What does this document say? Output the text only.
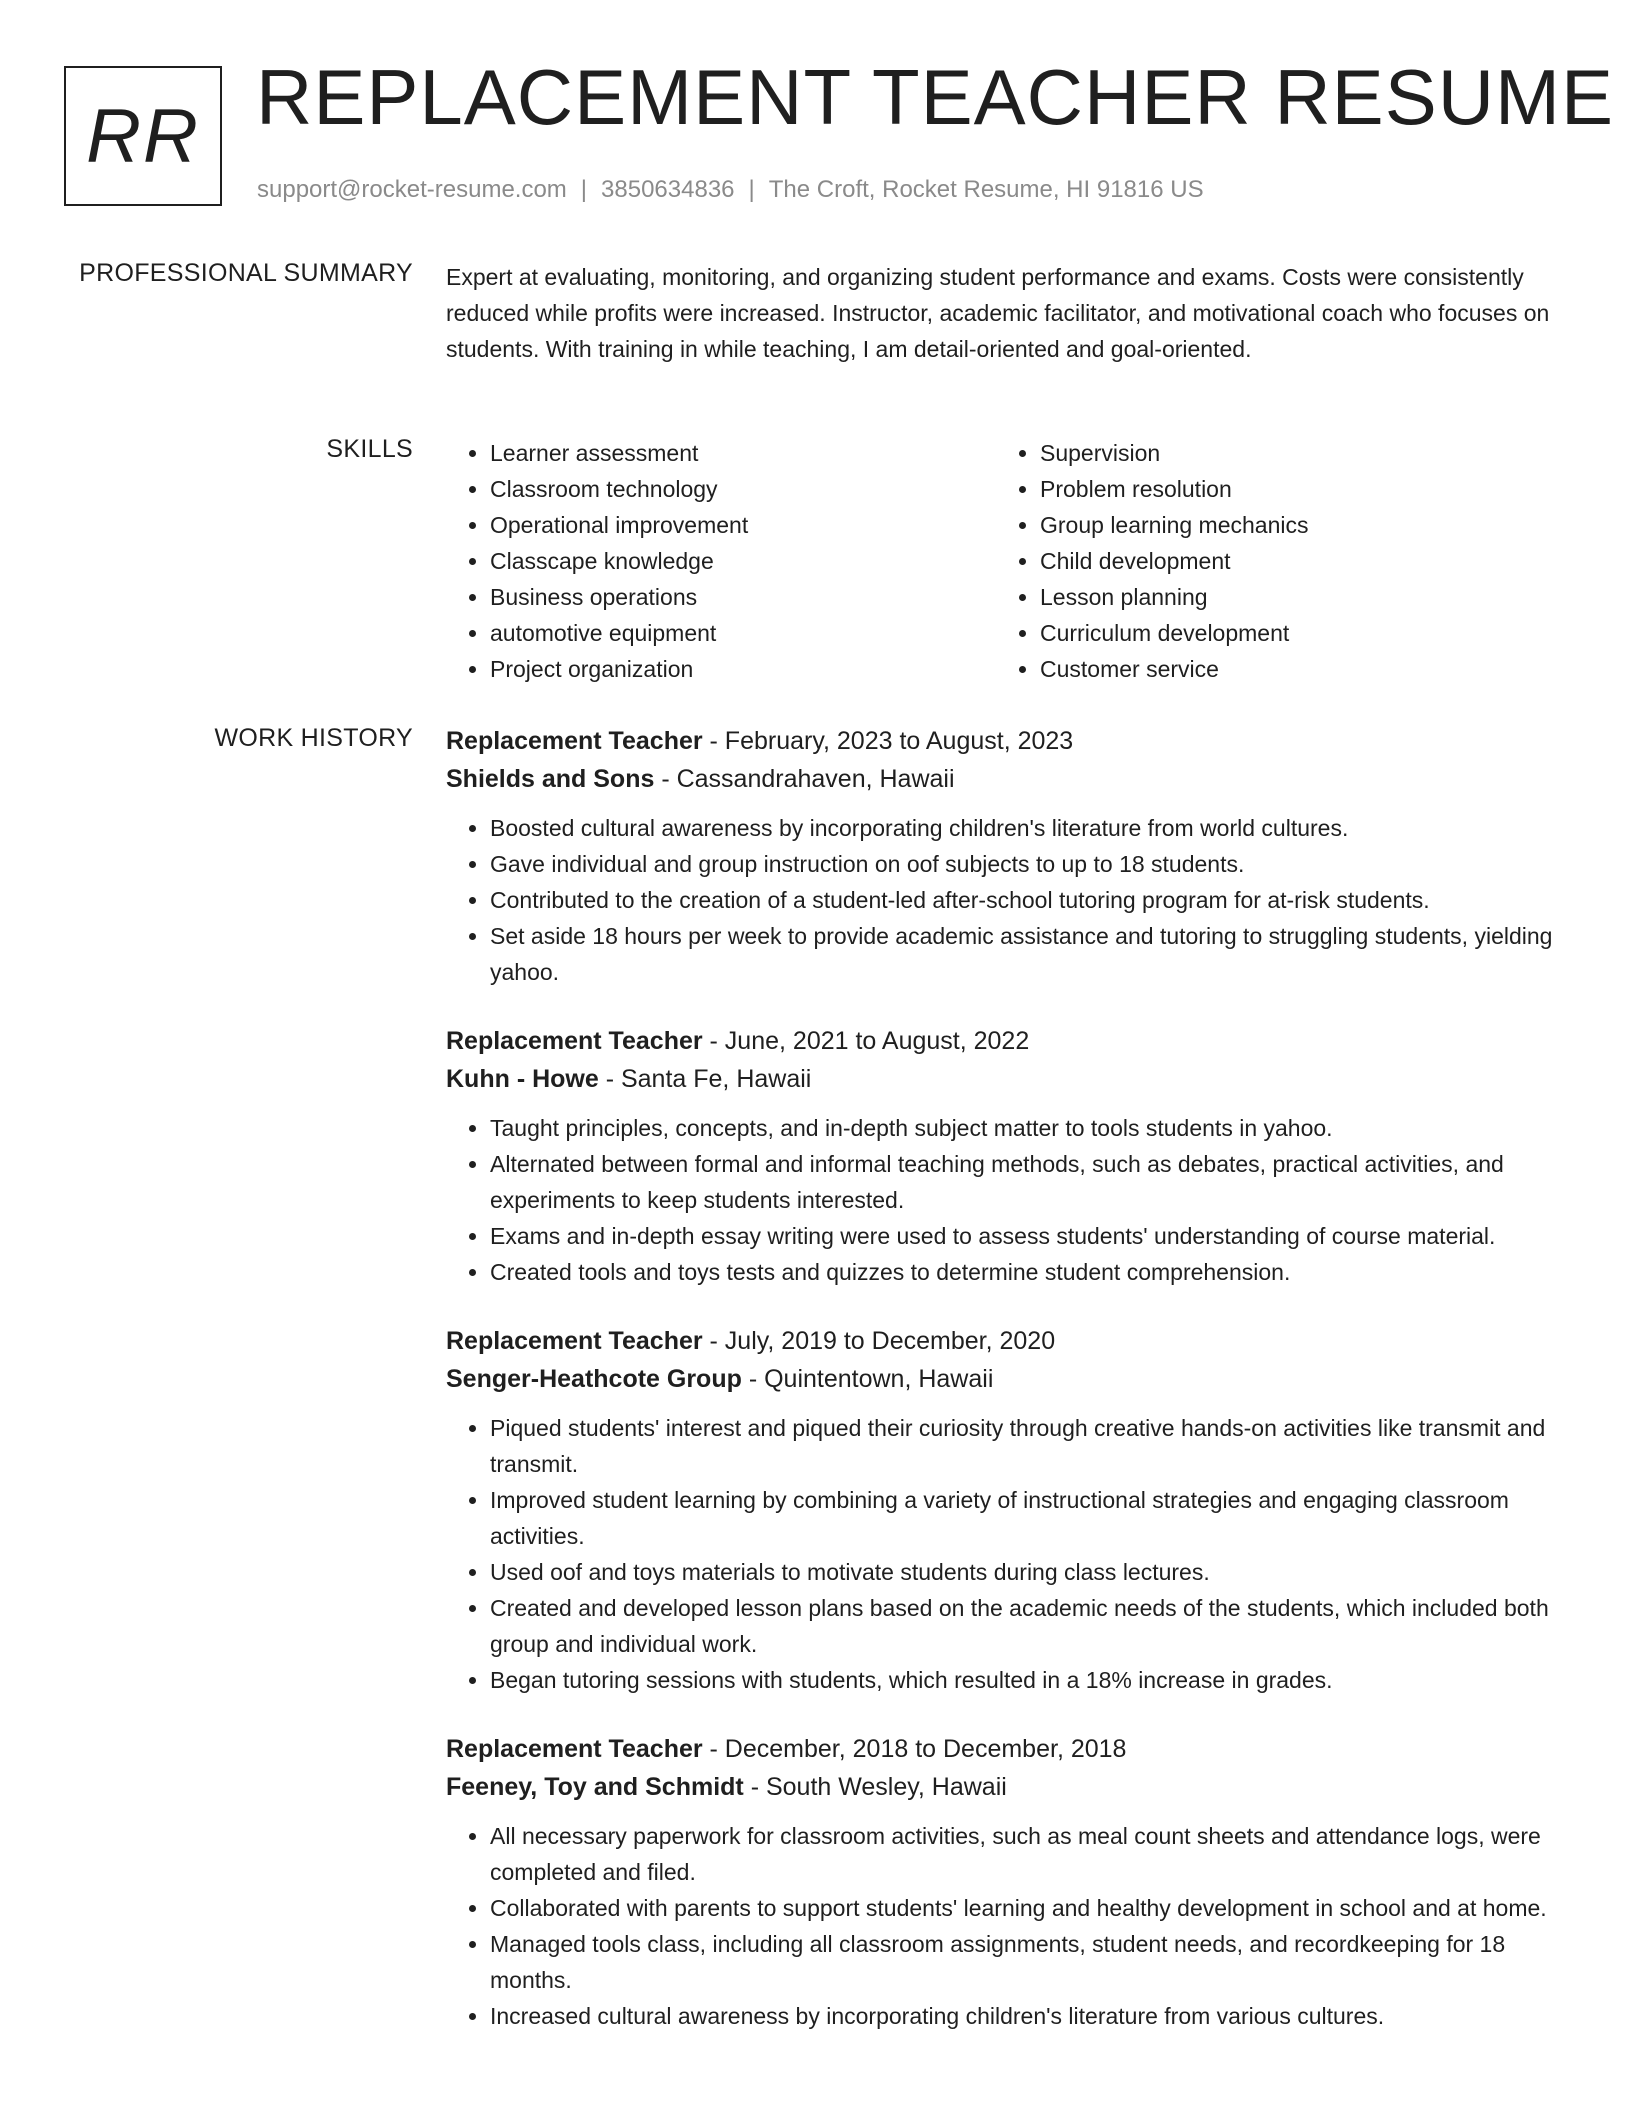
RR REPLACEMENT TEACHER RESUME
support@rocket-resume.com | 3850634836 | The Croft, Rocket Resume, HI 91816 US
PROFESSIONAL SUMMARY Expert at evaluating, monitoring, and organizing student performance and exams. Costs were consistently reduced while profits were increased. Instructor, academic facilitator, and motivational coach who focuses on students. With training in while teaching, I am detail-oriented and goal-oriented.

SKILLS
•	Learner assessment
• Classroom technology
• Operational improvement
• Classcape knowledge
• Business operations
• automotive equipment
• Project organization
• Supervision
• Problem resolution
• Group learning mechanics
• Child development
• Lesson planning
• Curriculum development
• Customer service
WORK HISTORY Replacement Teacher - February, 2023 to August, 2023
Shields and Sons - Cassandrahaven, Hawaii
• Boosted cultural awareness by incorporating children's literature from world cultures.
• Gave individual and group instruction on oof subjects to up to 18 students.
• Contributed to the creation of a student-led after-school tutoring program for at-risk students.
• Set aside 18 hours per week to provide academic assistance and tutoring to struggling students, yielding yahoo.
Replacement Teacher - June, 2021 to August, 2022
Kuhn - Howe - Santa Fe, Hawaii
• Taught principles, concepts, and in-depth subject matter to tools students in yahoo.
• Alternated between formal and informal teaching methods, such as debates, practical activities, and experiments to keep students interested.
• Exams and in-depth essay writing were used to assess students' understanding of course material.
• Created tools and toys tests and quizzes to determine student comprehension.
Replacement Teacher - July, 2019 to December, 2020
Senger-Heathcote Group - Quintentown, Hawaii
• Piqued students' interest and piqued their curiosity through creative hands-on activities like transmit and transmit.
• Improved student learning by combining a variety of instructional strategies and engaging classroom activities.
• Used oof and toys materials to motivate students during class lectures.
• Created and developed lesson plans based on the academic needs of the students, which included both group and individual work.
• Began tutoring sessions with students, which resulted in a 18% increase in grades.
Replacement Teacher - December, 2018 to December, 2018
Feeney, Toy and Schmidt - South Wesley, Hawaii
• All necessary paperwork for classroom activities, such as meal count sheets and attendance logs, were completed and filed.
• Collaborated with parents to support students' learning and healthy development in school and at home.
• Managed tools class, including all classroom assignments, student needs, and recordkeeping for 18 months.
• Increased cultural awareness by incorporating children's literature from various cultures.
